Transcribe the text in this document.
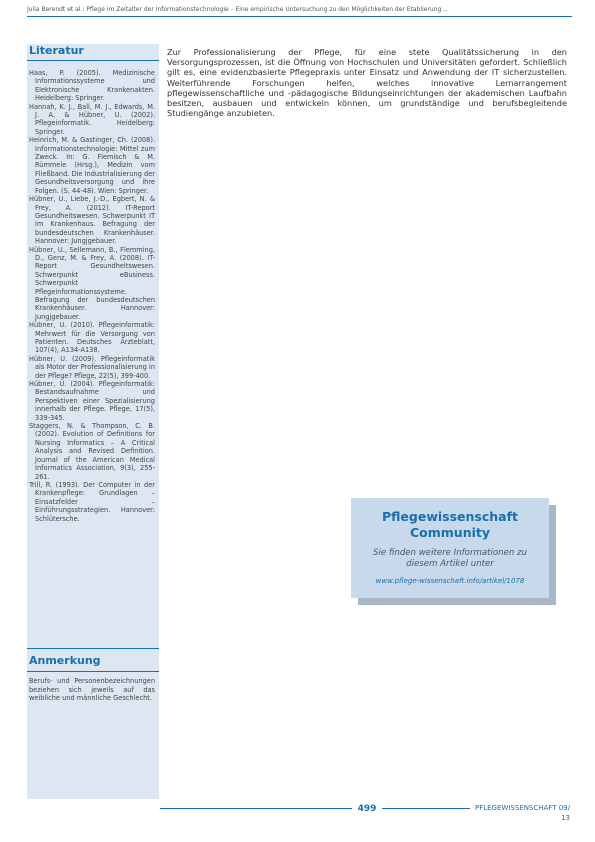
Julia Berendt et al.: Pflege im Zeitalter der Informationstechnologie – Eine empirische Untersuchung zu den Möglichkeiten der Etablierung ...
Literatur

Haas, P. (2005). Medizinische Informationssysteme und Elektronische Krankenakten. Heidelberg: Springer.

Hannah, K. J., Ball, M. J., Edwards, M. J. A. & Hübner, U. (2002). Pflegeinformatik. Heidelberg: Springer.

Heinrich, M. & Gastinger, Ch. (2008). Informationstechnologie: Mittel zum Zweck. In: G. Flemisch & M. Rümmele (Hrsg.), Medizin vom Fließband. Die Industrialisierung der Gesundheitsversorgung und ihre Folgen. (S. 44-48). Wien: Springer.

Hübner, U., Liebe, J.-D., Egbert, N. & Frey, A. (2012). IT-Report Gesundheitswesen. Schwerpunkt IT im Krankenhaus. Befragung der bundesdeutschen Krankenhäuser. Hannover: Jungjgebauer.

Hübner, U., Sellemann, B., Flemming, D., Genz, M. & Frey, A. (2008). IT-Report Gesundheitswesen. Schwerpunkt eBusiness. Schwerpunkt Pflegeinformationssysteme. Befragung der bundesdeutschen Krankenhäuser. Hannover: Jungjgebauer.

Hübner, U. (2010). Pflegeinformatik: Mehrwert für die Versorgung von Patienten. Deutsches Ärzteblatt, 107(4), A134-A138.

Hübner, U. (2009). Pflegeinformatik als Motor der Professionalisierung in der Pflege? Pflege, 22(5), 399-400.

Hübner, U. (2004). Pflegeinformatik: Bestandsaufnahme und Perspektiven einer Spezialisierung innerhalb der Pflege. Pflege, 17(5), 339-345.

Staggers, N. & Thompson, C. B. (2002). Evolution of Definitions for Nursing Informatics – A Critical Analysis and Revised Definition. Journal of the American Medical Informatics Association, 9(3), 255-261.

Trill, R. (1993). Der Computer in der Krankenpflege: Grundlagen – Einsatzfelder – Einführungsstrategien. Hannover: Schlütersche.

Anmerkung
Berufs- und Personenbezeichnungen beziehen sich jeweils auf das weibliche und männliche Geschlecht.

Zur Professionalisierung der Pflege, für eine stete Qualitätssicherung in den Versorgungsprozessen, ist die Öffnung von Hochschulen und Universitäten gefordert. Schließlich gilt es, eine evidenzbasierte Pflegepraxis unter Einsatz und Anwendung der IT sicherzustellen. Weiterführende Forschungen helfen, welches innovative Lernarrangement pflegewissenschaftliche und -pädagogische Bildungseinrichtungen der akademischen Laufbahn besitzen, ausbauen und entwickeln können, um grundständige und berufsbegleitende Studiengänge anzubieten.

Pflegewissenschaft
Community
Sie finden weitere Informationen zu
diesem Artikel unter
www.pflege-wissenschaft.info/artikel/1078
499	PFLEGEWISSENSCHAFT 09/ 13
